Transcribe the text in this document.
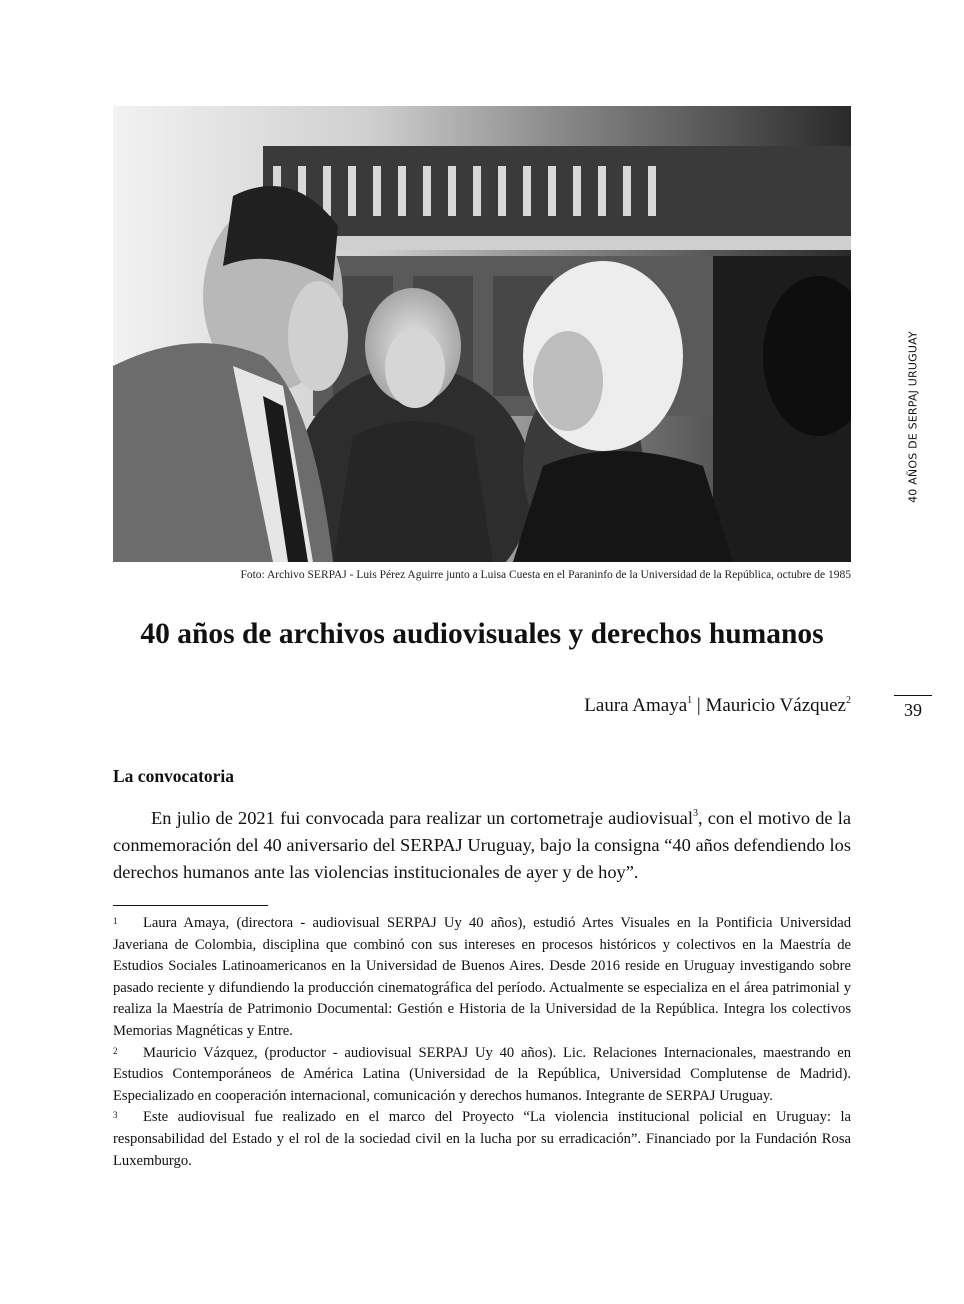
Foto: Archivo SERPAJ - Luis Pérez Aguirre junto a Luisa Cuesta en el Paraninfo de la Universidad de la República, octubre de 1985
40 AÑOS DE SERPAJ URUGUAY
39
40 años de archivos audiovisuales y derechos humanos
Laura Amaya$^1$ | Mauricio Vázquez$^2$
La convocatoria

En julio de 2021 fui convocada para realizar un cortometraje audiovisual$^3$, con el motivo de la conmemoración del 40 aniversario del SERPAJ Uruguay, bajo la consigna “40 años defendiendo los derechos humanos ante las violencias institucionales de ayer y de hoy”.

1 Laura Amaya, (directora - audiovisual SERPAJ Uy 40 años), estudió Artes Visuales en la Pontificia Universidad Javeriana de Colombia, disciplina que combinó con sus intereses en procesos históricos y colectivos en la Maestría de Estudios Sociales Latinoamericanos en la Universidad de Buenos Aires. Desde 2016 reside en Uruguay investigando sobre pasado reciente y difundiendo la producción cinematográfica del período. Actualmente se especializa en el área patrimonial y realiza la Maestría de Patrimonio Documental: Gestión e Historia de la Universidad de la República. Integra los colectivos Memorias Magnéticas y Entre.

2 Mauricio Vázquez, (productor - audiovisual SERPAJ Uy 40 años). Lic. Relaciones Internacionales, maestrando en Estudios Contemporáneos de América Latina (Universidad de la República, Universidad Complutense de Madrid). Especializado en cooperación internacional, comunicación y derechos humanos. Integrante de SERPAJ Uruguay.

3 Este audiovisual fue realizado en el marco del Proyecto “La violencia institucional policial en Uruguay: la responsabilidad del Estado y el rol de la sociedad civil en la lucha por su erradicación”. Financiado por la Fundación Rosa Luxemburgo.
